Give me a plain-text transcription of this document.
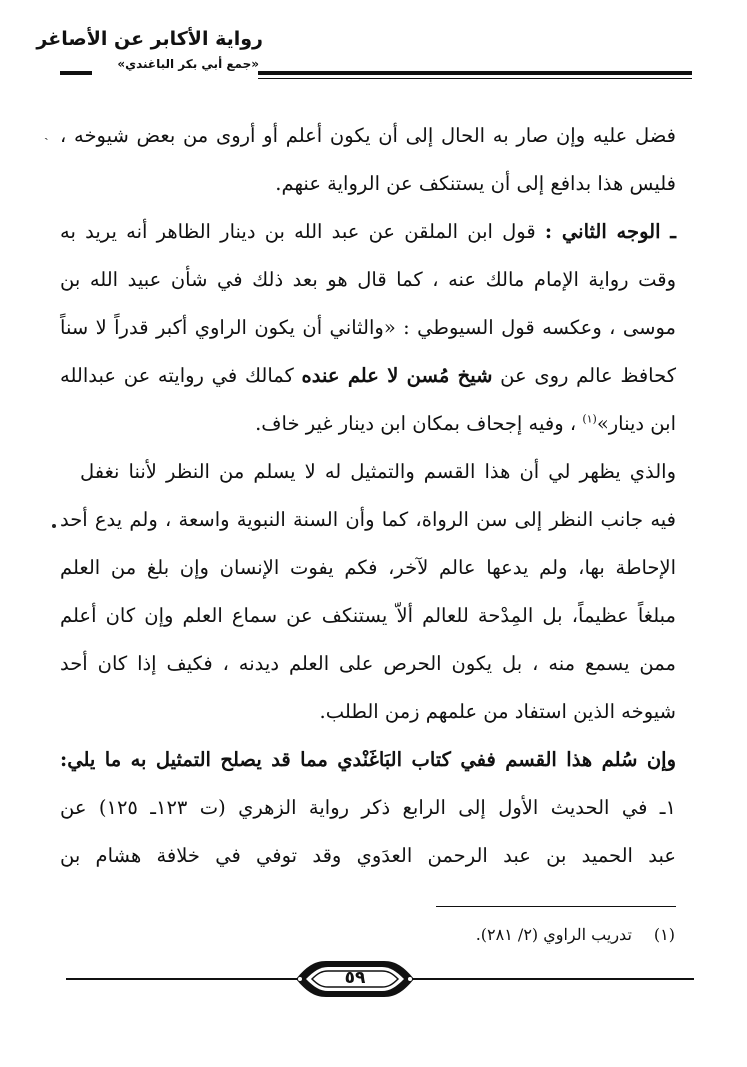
رواية الأكابر عن الأصاغر
«جمع أبي بكر الباغندي»
ˏ فضل عليه وإن صار به الحال إلى أن يكون أعلم أو أروى من بعض شيوخه ،
فليس هذا بدافع إلى أن يستنكف عن الرواية عنهم.
ـ الوجه الثاني : قول ابن الملقن عن عبد الله بن دينار الظاهر أنه يريد به
وقت رواية الإمام مالك عنه ، كما قال هو بعد ذلك في شأن عبيد الله بن
موسى ، وعكسه قول السيوطي : «والثاني أن يكون الراوي أكبر قدراً لا سناً
كحافظ عالم روى عن شيخ مُسن لا علم عنده كمالك في روايته عن عبدالله
ابن دينار»$^{(١)}$ ، وفيه إجحاف بمكان ابن دينار غير خاف.
والذي يظهر لي أن هذا القسم والتمثيل له لا يسلم من النظر لأننا نغفل
فيه جانب النظر إلى سن الرواة، كما وأن السنة النبوية واسعة ، ولم يدع أحد
الإحاطة بها، ولم يدعها عالم لآخر، فكم يفوت الإنسان وإن بلغ من العلم
مبلغاً عظيماً، بل المِدْحة للعالم ألاّ يستنكف عن سماع العلم وإن كان أعلم
ممن يسمع منه ، بل يكون الحرص على العلم ديدنه ، فكيف إذا كان أحد
شيوخه الذين استفاد من علمهم زمن الطلب.
وإن سُلم هذا القسم ففي كتاب البَاغَنْدي مما قد يصلح التمثيل به ما يلي:
١ـ في الحديث الأول إلى الرابع ذكر رواية الزهري (ت ١٢٣ـ ١٢٥) عن
عبد الحميد بن عبد الرحمن العدَوي وقد توفي في خلافة هشام بن
(١)تدريب الراوي (٢/ ٢٨١).
٥٩
